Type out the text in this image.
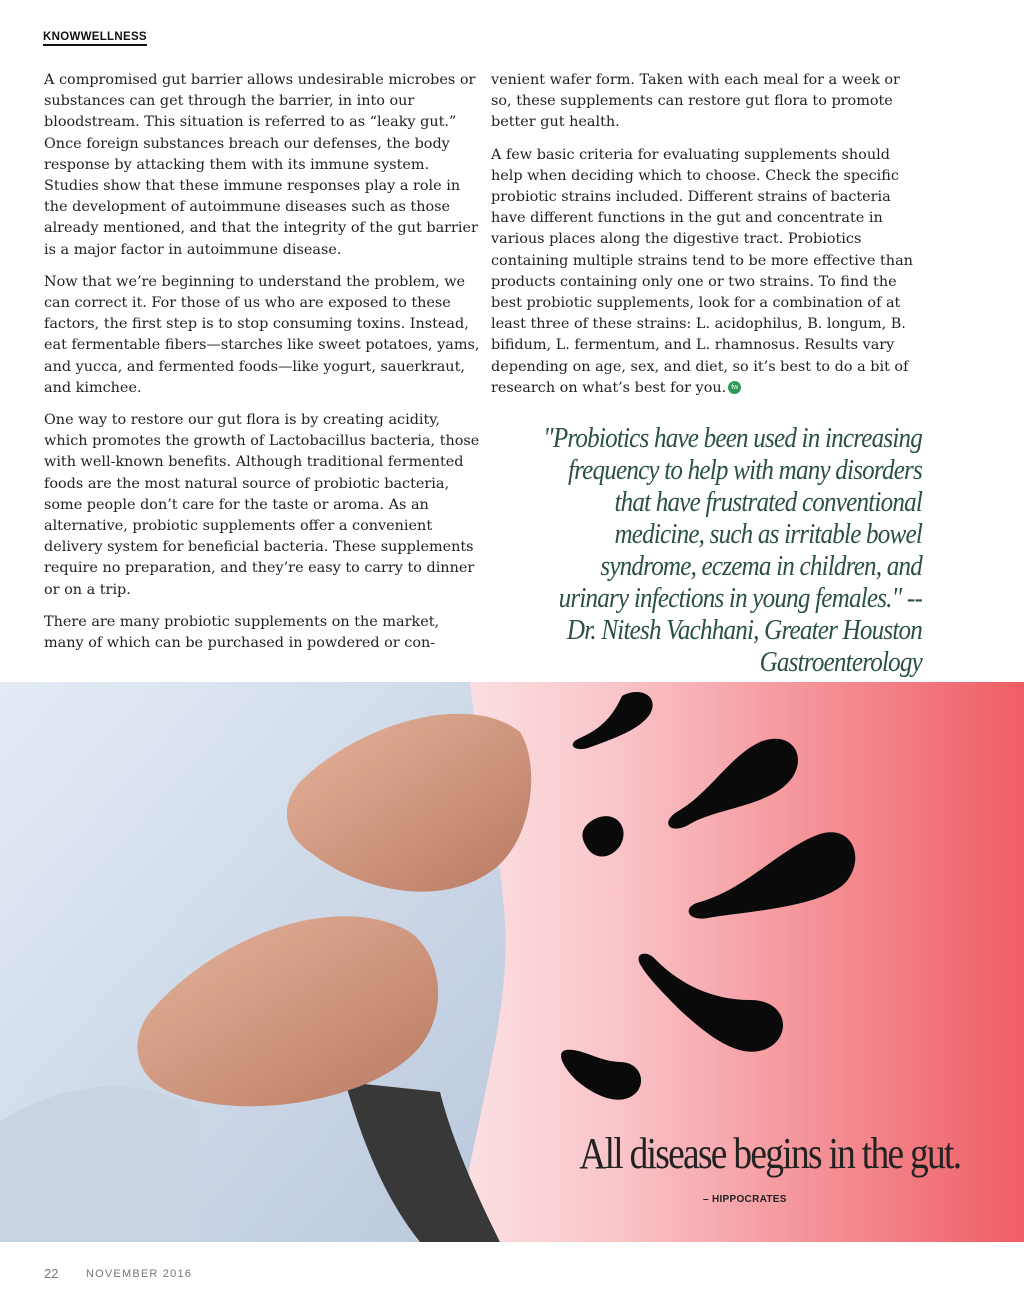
KNOWWELLNESS

A compromised gut barrier allows undesirable microbes or substances can get through the barrier, in into our bloodstream. This situation is referred to as “leaky gut.” Once foreign substances breach our defenses, the body response by attacking them with its immune system. Studies show that these immune responses play a role in the development of autoimmune diseases such as those already mentioned, and that the integrity of the gut barrier is a major factor in autoimmune disease.

Now that we’re beginning to understand the problem, we can correct it. For those of us who are exposed to these factors, the first step is to stop consuming toxins. Instead, eat fermentable fibers—starches like sweet potatoes, yams, and yucca, and fermented foods—like yogurt, sauerkraut, and kimchee.

One way to restore our gut flora is by creating acidity, which promotes the growth of Lactobacillus bacteria, those with well-known benefits. Although traditional fermented foods are the most natural source of probiotic bacteria, some people don’t care for the taste or aroma. As an alternative, probiotic supplements offer a convenient delivery system for beneficial bacteria. These supplements require no preparation, and they’re easy to carry to dinner or on a trip.

There are many probiotic supplements on the market, many of which can be purchased in powdered or con-

venient wafer form. Taken with each meal for a week or so, these supplements can restore gut flora to promote better gut health.

A few basic criteria for evaluating supplements should help when deciding which to choose. Check the specific probiotic strains included. Different strains of bacteria have different functions in the gut and concentrate in various places along the digestive tract. Probiotics containing multiple strains tend to be more effective than products containing only one or two strains. To find the best probiotic supplements, look for a combination of at least three of these strains: L. acidophilus, B. longum, B. bifidum, L. fermentum, and L. rhamnosus. Results vary depending on age, sex, and diet, so it’s best to do a bit of research on what’s best for you. fw

"Probiotics have been used in increasing frequency to help with many disorders that have frustrated conventional medicine, such as irritable bowel syndrome, eczema in children, and urinary infections in young females." -- Dr. Nitesh Vachhani, Greater Houston Gastroenterology
All disease begins in the gut.
– HIPPOCRATES
22	NOVEMBER 2016
